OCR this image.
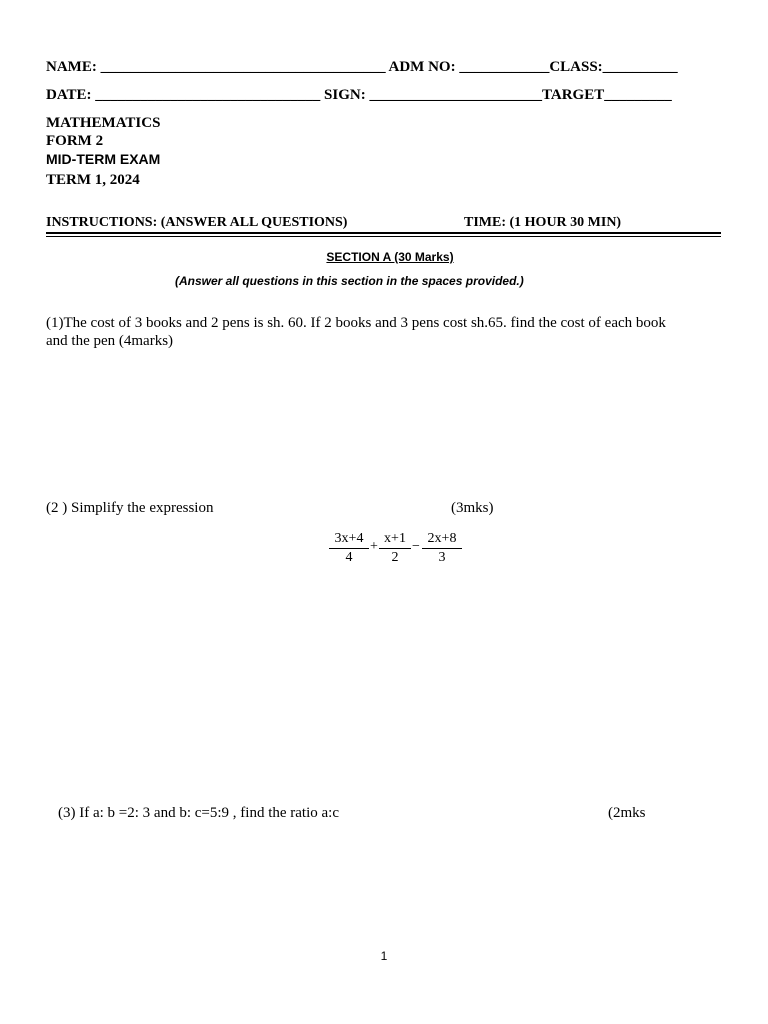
NAME: ______________________________________ ADM NO: ____________CLASS:__________
DATE: ______________________________ SIGN: _______________________TARGET_________
MATHEMATICS
FORM 2
MID-TERM EXAM
TERM 1, 2024
INSTRUCTIONS: (ANSWER ALL QUESTIONS)	TIME: (1 HOUR 30 MIN)
SECTION A (30 Marks)
(Answer all questions in this section in the spaces provided.)
(1)The cost of 3 books and 2 pens is sh. 60. If 2 books and 3 pens cost sh.65. find the cost of each book
and the pen (4marks)
(2 ) Simplify the expression	(3mks)
3x+4
4
+
x+1
2
−
2x+8
3
(3) If a: b =2: 3 and b: c=5:9 , find the ratio a:c	(2mks
1
